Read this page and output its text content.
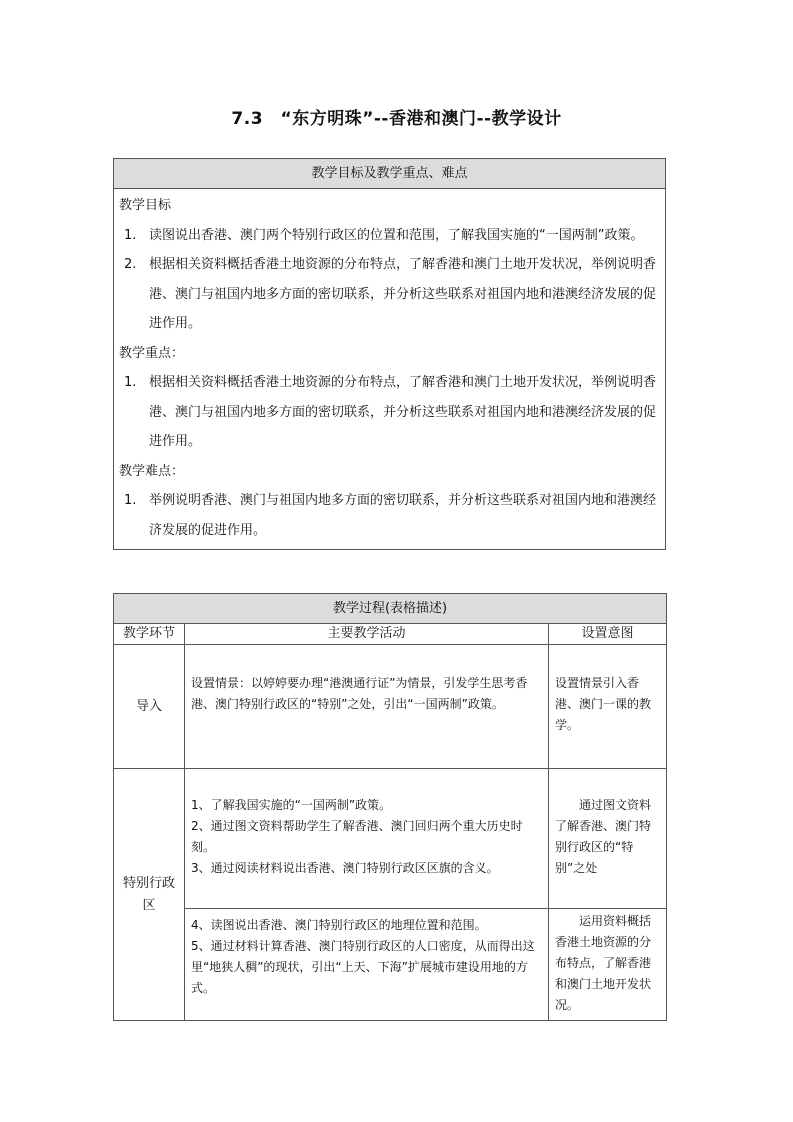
7.3　“东方明珠”--香港和澳门--教学设计
教学目标及教学重点、难点

教学目标
1. 读图说出香港、澳门两个特别行政区的位置和范围，了解我国实施的“一国两制”政策。
2. 根据相关资料概括香港土地资源的分布特点，了解香港和澳门土地开发状况，举例说明香港、澳门与祖国内地多方面的密切联系，并分析这些联系对祖国内地和港澳经济发展的促进作用。
教学重点：
1. 根据相关资料概括香港土地资源的分布特点，了解香港和澳门土地开发状况，举例说明香港、澳门与祖国内地多方面的密切联系，并分析这些联系对祖国内地和港澳经济发展的促进作用。
教学难点：
1. 举例说明香港、澳门与祖国内地多方面的密切联系，并分析这些联系对祖国内地和港澳经济发展的促进作用。
教学过程(表格描述)		
教学环节	主要教学活动	设置意图
导入	设置情景：以婷婷要办理“港澳通行证”为情景，引发学生思考香港、澳门特别行政区的“特别”之处，引出“一国两制”政策。	设置情景引入香港、澳门一课的教学。
特别行政区	1、了解我国实施的“一国两制”政策。
2、通过图文资料帮助学生了解香港、澳门回归两个重大历史时刻。
3、通过阅读材料说出香港、澳门特别行政区区旗的含义。	通过图文资料了解香港、澳门特别行政区的“特别”之处

	4、读图说出香港、澳门特别行政区的地理位置和范围。
5、通过材料计算香港、澳门特别行政区的人口密度，从而得出这里“地狭人稠”的现状，引出“上天、下海”扩展城市建设用地的方式。	运用资料概括香港土地资源的分布特点，了解香港和澳门土地开发状况。
